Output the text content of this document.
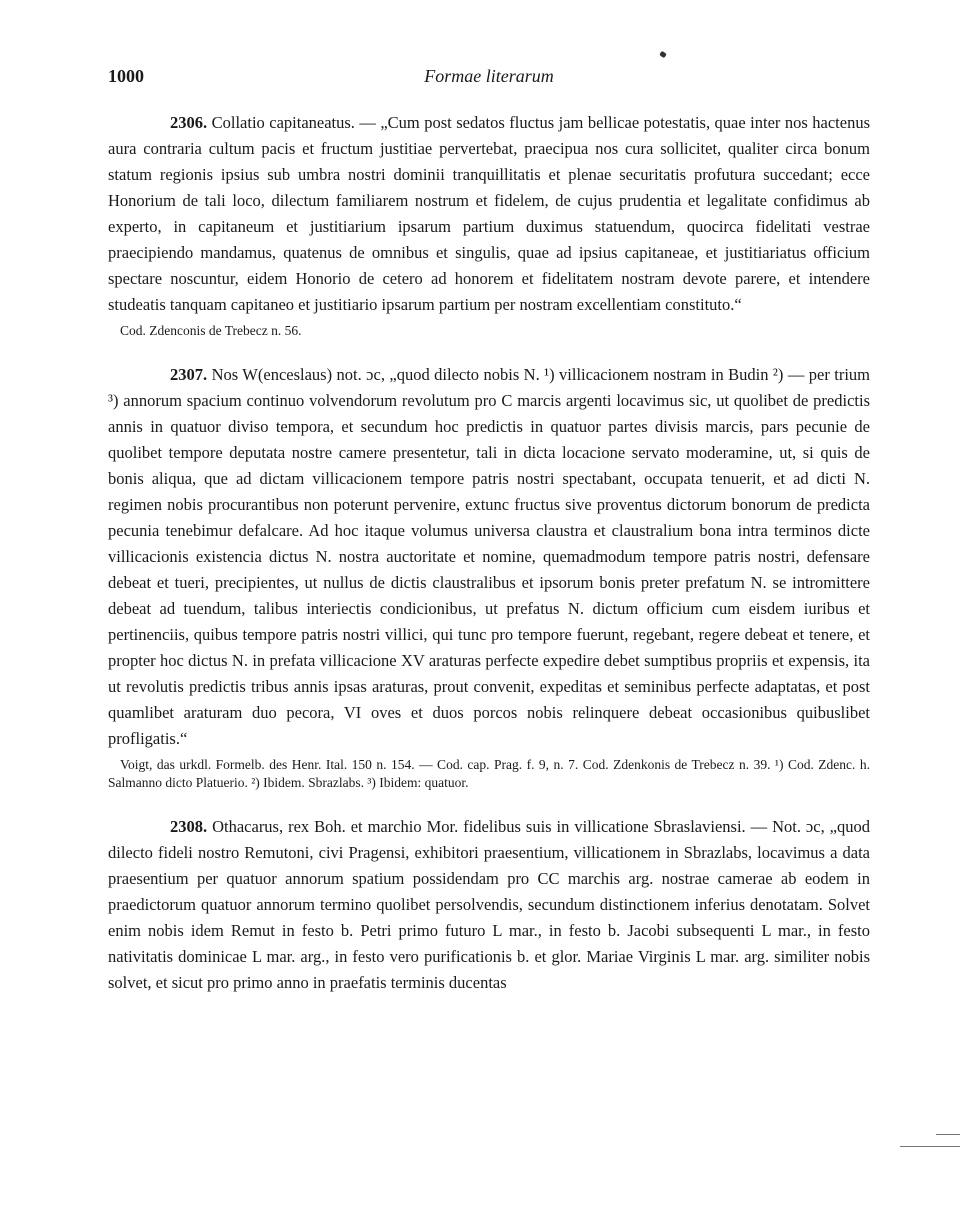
1000	Formae literarum

2306. Collatio capitaneatus. — „Cum post sedatos fluctus jam bellicae potestatis, quae inter nos hactenus aura contraria cultum pacis et fructum justitiae pervertebat, praecipua nos cura sollicitet, qualiter circa bonum statum regionis ipsius sub umbra nostri dominii tranquillitatis et plenae securitatis profutura succedant; ecce Honorium de tali loco, dilectum familiarem nostrum et fidelem, de cujus prudentia et legalitate confidimus ab experto, in capitaneum et justitiarium ipsarum partium duximus statuendum, quocirca fidelitati vestrae praecipiendo mandamus, quatenus de omnibus et singulis, quae ad ipsius capitaneae, et justitiariatus officium spectare noscuntur, eidem Honorio de cetero ad honorem et fidelitatem nostram devote parere, et intendere studeatis tanquam capitaneo et justitiario ipsarum partium per nostram excellentiam constituto.“

Cod. Zdenconis de Trebecz n. 56.

2307. Nos W(enceslaus) not. ɔc, „quod dilecto nobis N. ¹) villicacionem nostram in Budin ²) — per trium ³) annorum spacium continuo volvendorum revolutum pro C marcis argenti locavimus sic, ut quolibet de predictis annis in quatuor diviso tempora, et secundum hoc predictis in quatuor partes divisis marcis, pars pecunie de quolibet tempore deputata nostre camere presentetur, tali in dicta locacione servato moderamine, ut, si quis de bonis aliqua, que ad dictam villicacionem tempore patris nostri spectabant, occupata tenuerit, et ad dicti N. regimen nobis procurantibus non poterunt pervenire, extunc fructus sive proventus dictorum bonorum de predicta pecunia tenebimur defalcare. Ad hoc itaque volumus universa claustra et claustralium bona intra terminos dicte villicacionis existencia dictus N. nostra auctoritate et nomine, quemadmodum tempore patris nostri, defensare debeat et tueri, precipientes, ut nullus de dictis claustralibus et ipsorum bonis preter prefatum N. se intromittere debeat ad tuendum, talibus interiectis condicionibus, ut prefatus N. dictum officium cum eisdem iuribus et pertinenciis, quibus tempore patris nostri villici, qui tunc pro tempore fuerunt, regebant, regere debeat et tenere, et propter hoc dictus N. in prefata villicacione XV araturas perfecte expedire debet sumptibus propriis et expensis, ita ut revolutis predictis tribus annis ipsas araturas, prout convenit, expeditas et seminibus perfecte adaptatas, et post quamlibet araturam duo pecora, VI oves et duos porcos nobis relinquere debeat occasionibus quibuslibet profligatis.“

Voigt, das urkdl. Formelb. des Henr. Ital. 150 n. 154. — Cod. cap. Prag. f. 9, n. 7. Cod. Zdenkonis de Trebecz n. 39. ¹) Cod. Zdenc. h. Salmanno dicto Platuerio. ²) Ibidem. Sbrazlabs. ³) Ibidem: quatuor.

2308. Othacarus, rex Boh. et marchio Mor. fidelibus suis in villicatione Sbraslaviensi. — Not. ɔc, „quod dilecto fideli nostro Remutoni, civi Pragensi, exhibitori praesentium, villicationem in Sbrazlabs, locavimus a data praesentium per quatuor annorum spatium possidendam pro CC marchis arg. nostrae camerae ab eodem in praedictorum quatuor annorum termino quolibet persolvendis, secundum distinctionem inferius denotatam. Solvet enim nobis idem Remut in festo b. Petri primo futuro L mar., in festo b. Jacobi subsequenti L mar., in festo nativitatis dominicae L mar. arg., in festo vero purificationis b. et glor. Mariae Virginis L mar. arg. similiter nobis solvet, et sicut pro primo anno in praefatis terminis ducentas
